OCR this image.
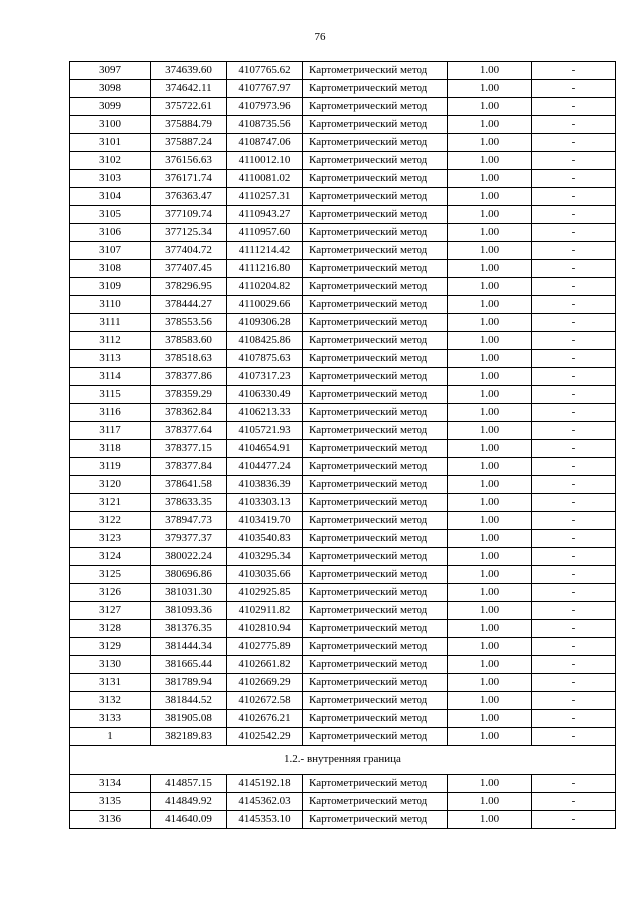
76
3097	374639.60	4107765.62	Картометрический метод	1.00	-
3098	374642.11	4107767.97	Картометрический метод	1.00	-
3099	375722.61	4107973.96	Картометрический метод	1.00	-
3100	375884.79	4108735.56	Картометрический метод	1.00	-
3101	375887.24	4108747.06	Картометрический метод	1.00	-
3102	376156.63	4110012.10	Картометрический метод	1.00	-
3103	376171.74	4110081.02	Картометрический метод	1.00	-
3104	376363.47	4110257.31	Картометрический метод	1.00	-
3105	377109.74	4110943.27	Картометрический метод	1.00	-
3106	377125.34	4110957.60	Картометрический метод	1.00	-
3107	377404.72	4111214.42	Картометрический метод	1.00	-
3108	377407.45	4111216.80	Картометрический метод	1.00	-
3109	378296.95	4110204.82	Картометрический метод	1.00	-
3110	378444.27	4110029.66	Картометрический метод	1.00	-
3111	378553.56	4109306.28	Картометрический метод	1.00	-
3112	378583.60	4108425.86	Картометрический метод	1.00	-
3113	378518.63	4107875.63	Картометрический метод	1.00	-
3114	378377.86	4107317.23	Картометрический метод	1.00	-
3115	378359.29	4106330.49	Картометрический метод	1.00	-
3116	378362.84	4106213.33	Картометрический метод	1.00	-
3117	378377.64	4105721.93	Картометрический метод	1.00	-
3118	378377.15	4104654.91	Картометрический метод	1.00	-
3119	378377.84	4104477.24	Картометрический метод	1.00	-
3120	378641.58	4103836.39	Картометрический метод	1.00	-
3121	378633.35	4103303.13	Картометрический метод	1.00	-
3122	378947.73	4103419.70	Картометрический метод	1.00	-
3123	379377.37	4103540.83	Картометрический метод	1.00	-
3124	380022.24	4103295.34	Картометрический метод	1.00	-
3125	380696.86	4103035.66	Картометрический метод	1.00	-
3126	381031.30	4102925.85	Картометрический метод	1.00	-
3127	381093.36	4102911.82	Картометрический метод	1.00	-
3128	381376.35	4102810.94	Картометрический метод	1.00	-
3129	381444.34	4102775.89	Картометрический метод	1.00	-
3130	381665.44	4102661.82	Картометрический метод	1.00	-
3131	381789.94	4102669.29	Картометрический метод	1.00	-
3132	381844.52	4102672.58	Картометрический метод	1.00	-
3133	381905.08	4102676.21	Картометрический метод	1.00	-
1	382189.83	4102542.29	Картометрический метод	1.00	-
1.2.- внутренняя граница					
3134	414857.15	4145192.18	Картометрический метод	1.00	-
3135	414849.92	4145362.03	Картометрический метод	1.00	-
3136	414640.09	4145353.10	Картометрический метод	1.00	-
